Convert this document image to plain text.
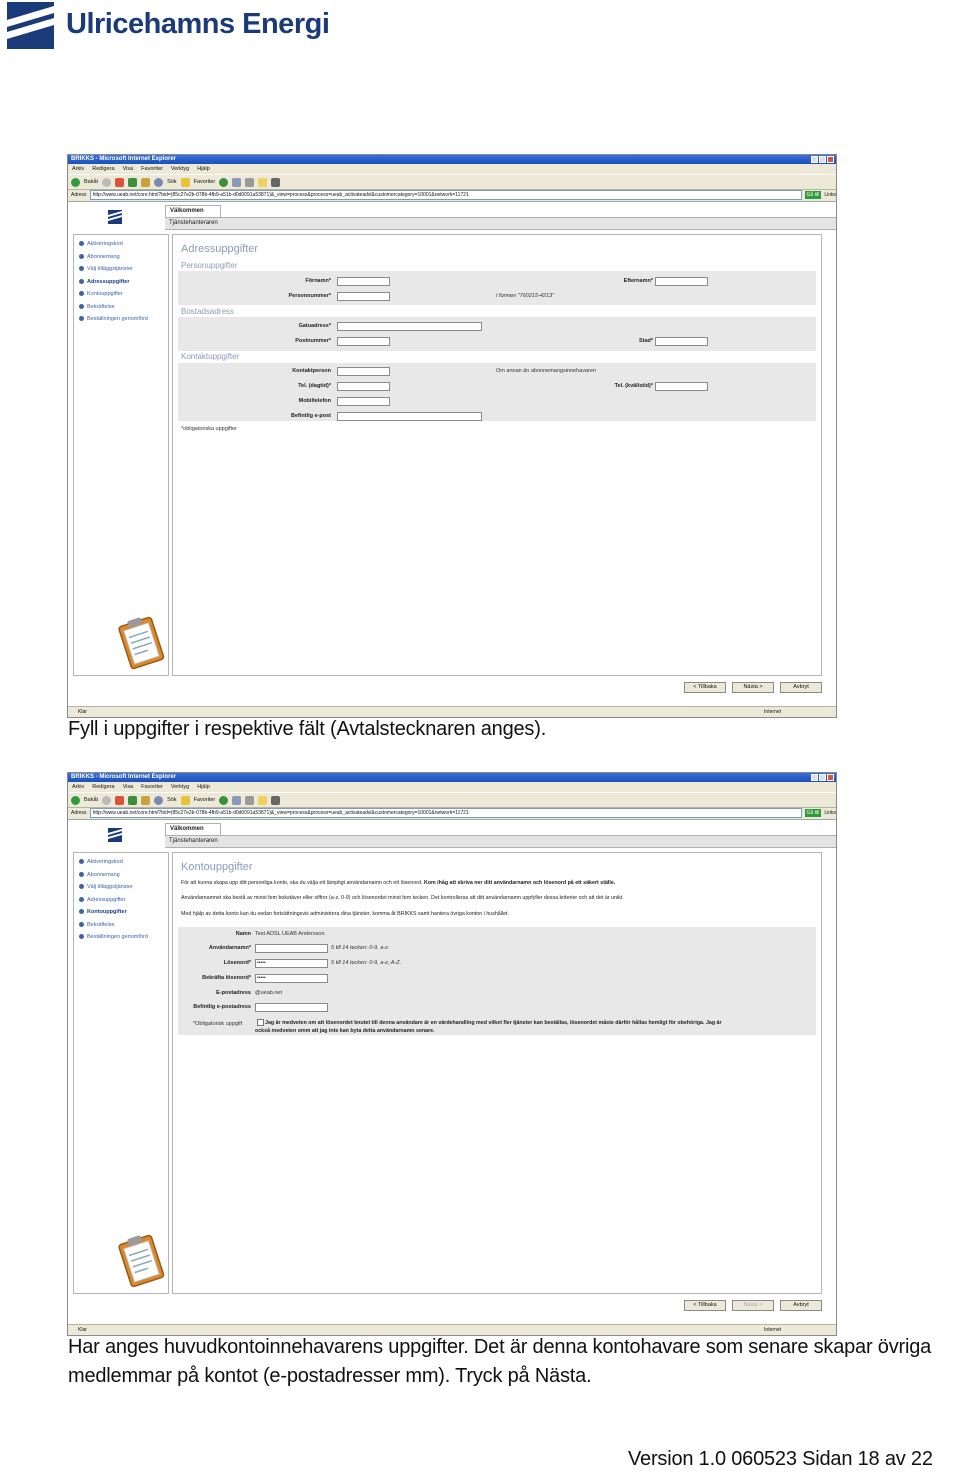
Ulricehamns Energi
BRIKKS - Microsoft Internet Explorer
Arkiv Redigera Visa Favoriter Verktyg Hjälp
Bakåt	Sök	Favoriter
Adress	http://www.ueab.net/core.html?bid=(85c27e2b-078b-4fb9-a51b-d0d0091a53871)&_view=process&process=ueab_activateadsl&customercategory=10001&network=11721	Gå till	Links
Välkommen
Tjänstehanteraren
Aktiveringskod
Abonnemang
Välj tilläggstjänster
Adressuppgifter
Kontouppgifter
Bekräftelse
Beställningen genomförd
Adressuppgifter
Personuppgifter
Förnamn*	Efternamn*
Personnummer*	I formen "760215-4213"
Bostadsadress
Gatuadress*
Postnummer*	Stad*
Kontaktuppgifter
Kontaktperson	Om annan än abonnemangsinnehavaren
Tel. (dagtid)*	Tel. (kvällstid)*
Mobiltelefon
Befintlig e-post
*obligatoriska uppgifter
< Tillbaka	Nästa >	Avbryt
Klar	Internet
Fyll i uppgifter i respektive fält (Avtalstecknaren anges).
BRIKKS - Microsoft Internet Explorer
Arkiv Redigera Visa Favoriter Verktyg Hjälp
Bakåt	Sök	Favoriter
Adress	http://www.ueab.net/core.html?bid=(85c27e2b-078b-4fb9-a51b-d0d0091a53871)&_view=process&process=ueab_activateadsl&customercategory=10001&network=11721	Gå till	Links
Välkommen
Tjänstehanteraren
Aktiveringskod
Abonnemang
Välj tilläggstjänster
Adressuppgifter
Kontouppgifter
Bekräftelse
Beställningen genomförd
Kontouppgifter
För att kunna skapa upp ditt personliga konto, ska du välja ett lämpligt användarnamn och ett lösenord. Kom ihåg att skriva ner ditt användarnamn och lösenord på ett säkert ställe.
Användarnamnet ska bestå av minst fem bokstäver eller siffror (a-z, 0-9) och lösenordet minst fem tecken. Det kontrolleras att ditt användarnamn uppfyller dessa kriterier och att det är unikt.
Med hjälp av detta konto kan du sedan fortsättningsvis administrera dina tjänster, komma åt BRIKKS samt hantera övriga konton i hushållet.
Namn Test ADSL UEAB Andersson
Användarnamn*	5 till 14 tecken: 0-9, a-z.
Lösenord*	•••••	5 till 14 tecken: 0-9, a-z, A-Z.
Bekräfta lösenord*	•••••
E-postadress @ueab.net
Befintlig e-postadress
*Obligatorisk uppgift	Jag är medveten om att lösenordet knutet till denna användare är en värdehandling med vilket fler tjänster kan beställas, lösenordet måste därför hållas hemligt för obehöriga. Jag är också medveten omm att jag inte kan byta detta användarnamn senare.
< Tillbaka	Nästa >	Avbryt
Klar	Internet
Har anges huvudkontoinnehavarens uppgifter. Det är denna kontohavare som senare skapar övriga
medlemmar på kontot (e-postadresser mm). Tryck på Nästa.
Version 1.0 060523 Sidan 18 av 22
